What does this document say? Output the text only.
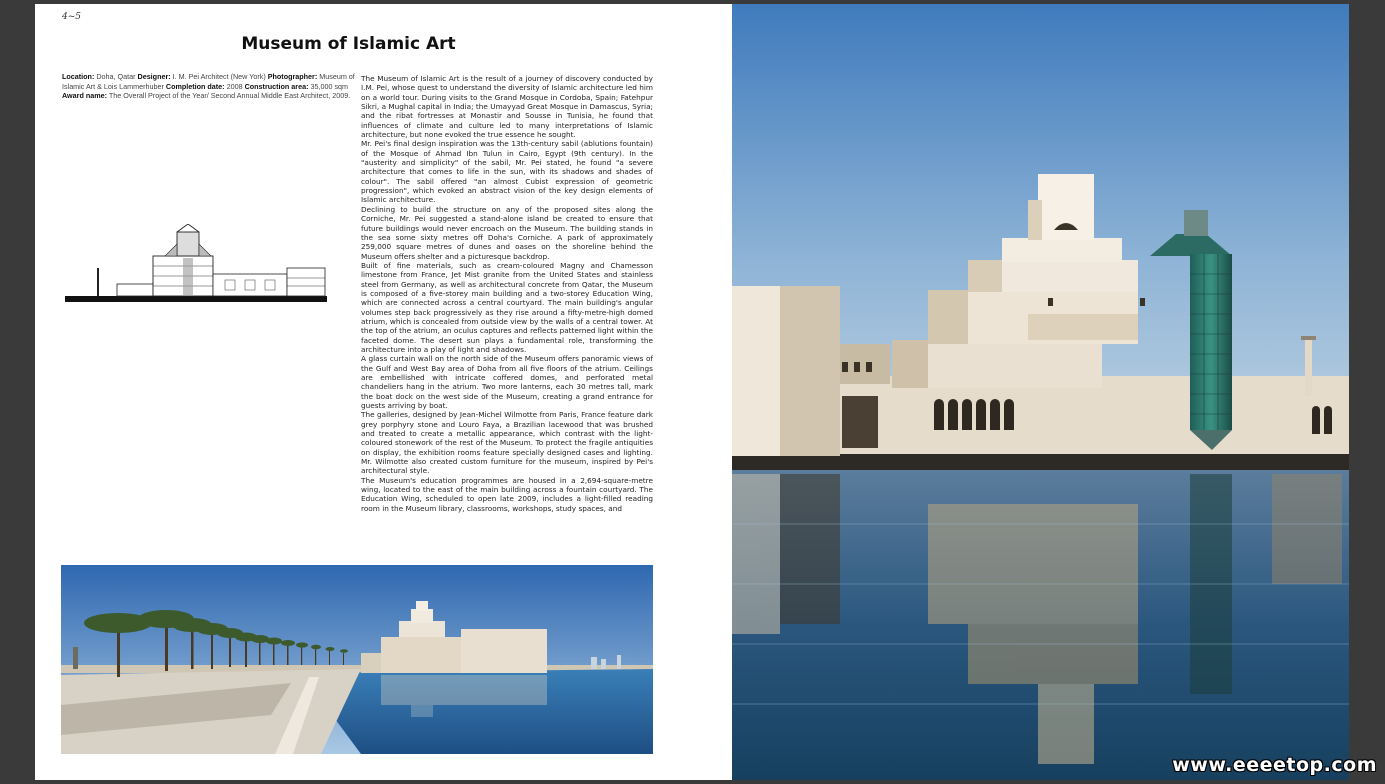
4~5
Museum of Islamic Art
Location: Doha, Qatar Designer: I. M. Pei Architect (New York) Photographer: Museum of Islamic Art & Lois Lammerhuber Completion date: 2008 Construction area: 35,000 sqm Award name: The Overall Project of the Year/ Second Annual Middle East Architect, 2009.

The Museum of Islamic Art is the result of a journey of discovery conducted by I.M. Pei, whose quest to understand the diversity of Islamic architecture led him on a world tour. During visits to the Grand Mosque in Cordoba, Spain; Fatehpur Sikri, a Mughal capital in India; the Umayyad Great Mosque in Damascus, Syria; and the ribat fortresses at Monastir and Sousse in Tunisia, he found that influences of climate and culture led to many interpretations of Islamic architecture, but none evoked the true essence he sought.

Mr. Pei's final design inspiration was the 13th-century sabil (ablutions fountain) of the Mosque of Ahmad Ibn Tulun in Cairo, Egypt (9th century). In the "austerity and simplicity" of the sabil, Mr. Pei stated, he found "a severe architecture that comes to life in the sun, with its shadows and shades of colour". The sabil offered "an almost Cubist expression of geometric progression", which evoked an abstract vision of the key design elements of Islamic architecture.

Declining to build the structure on any of the proposed sites along the Corniche, Mr. Pei suggested a stand-alone island be created to ensure that future buildings would never encroach on the Museum. The building stands in the sea some sixty metres off Doha's Corniche. A park of approximately 259,000 square metres of dunes and oases on the shoreline behind the Museum offers shelter and a picturesque backdrop.

Built of fine materials, such as cream-coloured Magny and Chamesson limestone from France, Jet Mist granite from the United States and stainless steel from Germany, as well as architectural concrete from Qatar, the Museum is composed of a five-storey main building and a two-storey Education Wing, which are connected across a central courtyard. The main building's angular volumes step back progressively as they rise around a fifty-metre-high domed atrium, which is concealed from outside view by the walls of a central tower. At the top of the atrium, an oculus captures and reflects patterned light within the faceted dome. The desert sun plays a fundamental role, transforming the architecture into a play of light and shadows.

A glass curtain wall on the north side of the Museum offers panoramic views of the Gulf and West Bay area of Doha from all five floors of the atrium. Ceilings are embellished with intricate coffered domes, and perforated metal chandeliers hang in the atrium. Two more lanterns, each 30 metres tall, mark the boat dock on the west side of the Museum, creating a grand entrance for guests arriving by boat.

The galleries, designed by Jean-Michel Wilmotte from Paris, France feature dark grey porphyry stone and Louro Faya, a Brazilian lacewood that was brushed and treated to create a metallic appearance, which contrast with the light-coloured stonework of the rest of the Museum. To protect the fragile antiquities on display, the exhibition rooms feature specially designed cases and lighting. Mr. Wilmotte also created custom furniture for the museum, inspired by Pei's architectural style.

The Museum's education programmes are housed in a 2,694-square-metre wing, located to the east of the main building across a fountain courtyard. The Education Wing, scheduled to open late 2009, includes a light-filled reading room in the Museum library, classrooms, workshops, study spaces, and

www.eeeetop.com
